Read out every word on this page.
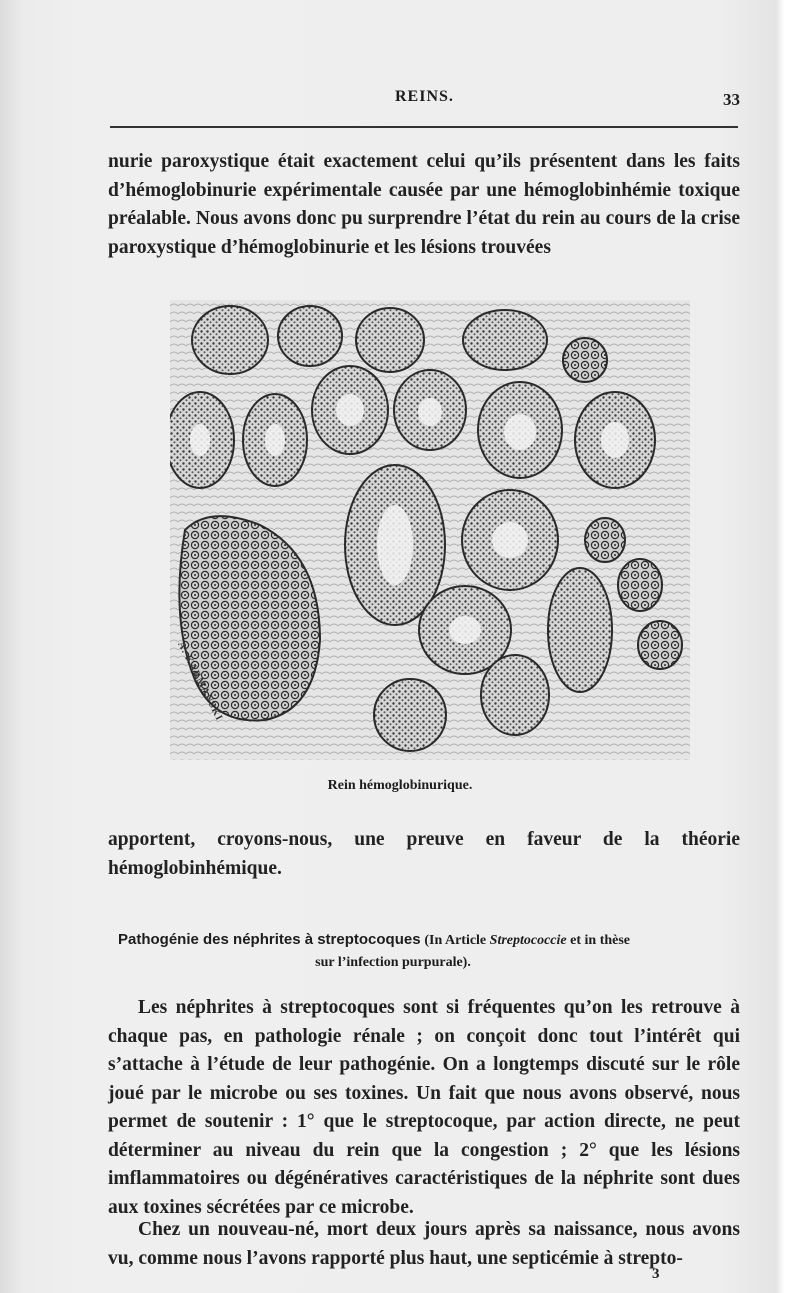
REINS.	33
nurie paroxystique était exactement celui qu’ils présentent dans les faits d’hémoglobinurie expérimentale causée par une hémoglobinhémie toxique préalable. Nous avons donc pu surprendre l’état du rein au cours de la crise paroxystique d’hémoglobinurie et les lésions trouvées
A. KARMANSKI
Rein hémoglobinurique.
apportent, croyons-nous, une preuve en faveur de la théorie hémoglobinhémique.
Pathogénie des néphrites à streptocoques (In Article Streptococcie et in thèse
sur l’infection purpurale).
Les néphrites à streptocoques sont si fréquentes qu’on les retrouve à chaque pas, en pathologie rénale ; on conçoit donc tout l’intérêt qui s’attache à l’étude de leur pathogénie. On a longtemps discuté sur le rôle joué par le microbe ou ses toxines. Un fait que nous avons observé, nous permet de soutenir : 1° que le streptocoque, par action directe, ne peut déterminer au niveau du rein que la congestion ; 2° que les lésions imflammatoires ou dégénératives caractéristiques de la néphrite sont dues aux toxines sécrétées par ce microbe.
Chez un nouveau-né, mort deux jours après sa naissance, nous avons vu, comme nous l’avons rapporté plus haut, une septicémie à strepto-
3
